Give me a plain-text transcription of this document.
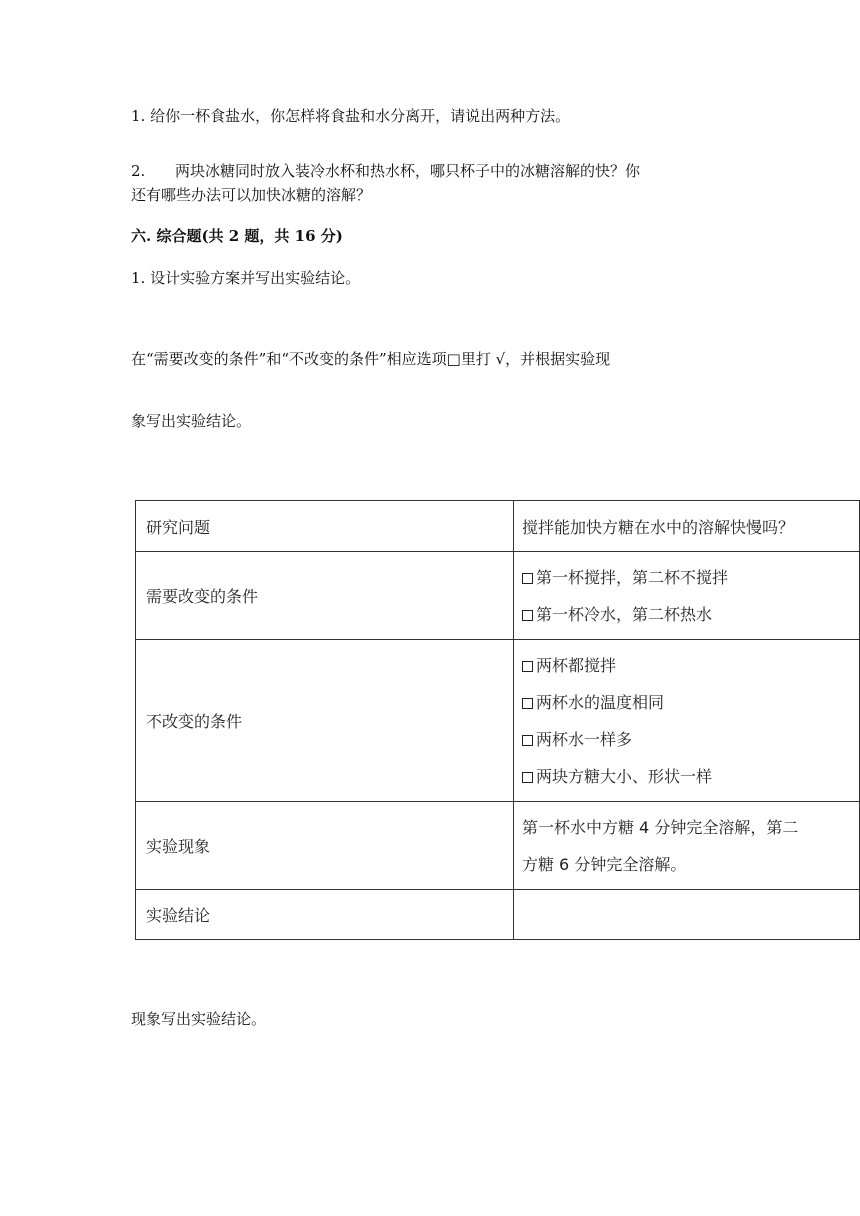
1. 给你一杯食盐水，你怎样将食盐和水分离开，请说出两种方法。
2. 两块冰糖同时放入装冷水杯和热水杯，哪只杯子中的冰糖溶解的快？你
还有哪些办法可以加快冰糖的溶解？
六. 综合题(共 2 题，共 16 分)
1. 设计实验方案并写出实验结论。
在“需要改变的条件”和“不改变的条件”相应选项□里打 √，并根据实验现
象写出实验结论。
研究问题	搅拌能加快方糖在水中的溶解快慢吗？
需要改变的条件	第一杯搅拌，第二杯不搅拌
第一杯冷水，第二杯热水

不改变的条件	两杯都搅拌
两杯水的温度相同
两杯水一样多
两块方糖大小、形状一样

实验现象	第一杯水中方糖 4 分钟完全溶解，第二
方糖 6 分钟完全溶解。

实验结论	
现象写出实验结论。
